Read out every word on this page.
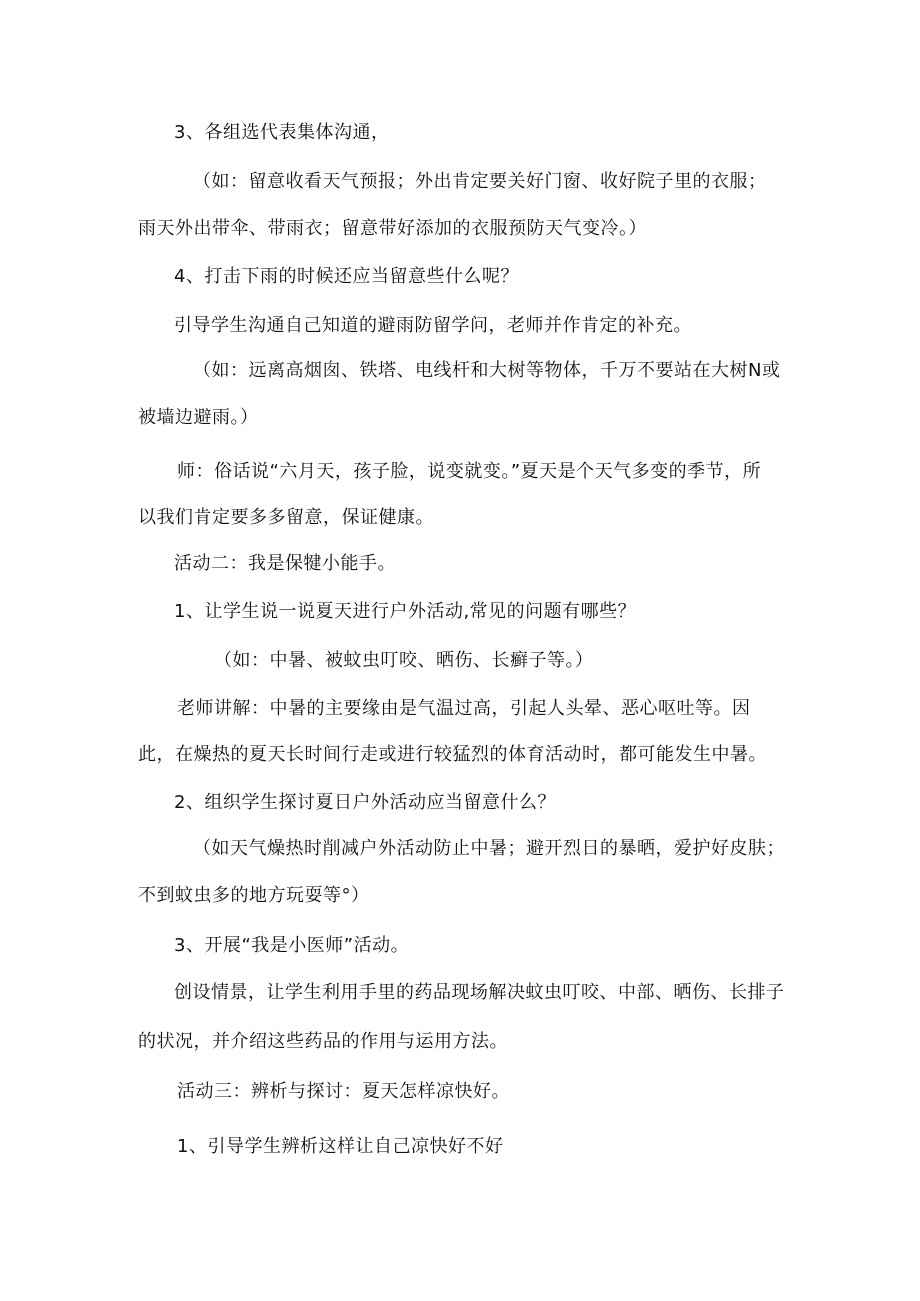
3、各组选代表集体沟通，

（如：留意收看天气预报；外出肯定要关好门窗、收好院子里的衣服；

雨天外出带伞、带雨衣；留意带好添加的衣服预防天气变冷。）

4、打击下雨的时候还应当留意些什么呢？

引导学生沟通自己知道的避雨防留学问，老师并作肯定的补充。

（如：远离高烟囱、铁塔、电线杆和大树等物体，千万不要站在大树N或

被墙边避雨。）

师：俗话说“六月天，孩子脸，说变就变。”夏天是个天气多变的季节，所

以我们肯定要多多留意，保证健康。

活动二：我是保犍小能手。

1、让学生说一说夏天进行户外活动,常见的问题有哪些？

（如：中暑、被蚊虫叮咬、晒伤、长癣子等。）

老师讲解：中暑的主要缘由是气温过高，引起人头晕、恶心呕吐等。因

此，在燥热的夏天长时间行走或进行较猛烈的体育活动时，都可能发生中暑。

2、组织学生探讨夏日户外活动应当留意什么？

（如天气燥热时削减户外活动防止中暑；避开烈日的暴晒，爱护好皮肤；

不到蚊虫多的地方玩耍等°）

3、开展“我是小医师”活动。

创设情景，让学生利用手里的药品现场解决蚊虫叮咬、中部、晒伤、长排子

的状况，并介绍这些药品的作用与运用方法。

活动三：辨析与探讨：夏天怎样凉快好。

1、引导学生辨析这样让自己凉快好不好
